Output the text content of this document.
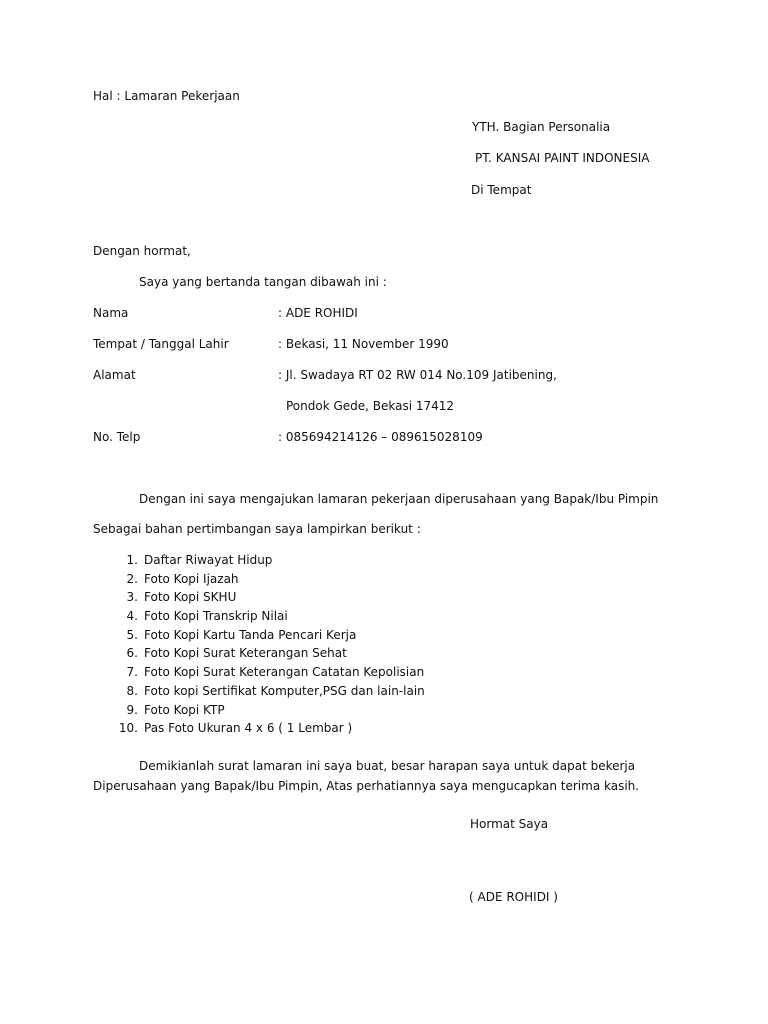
Hal : Lamaran Pekerjaan
YTH. Bagian Personalia
PT. KANSAI PAINT INDONESIA
Di Tempat
Dengan hormat,
Saya yang bertanda tangan dibawah ini :
Nama	: ADE ROHIDI
Tempat / Tanggal Lahir	: Bekasi, 11 November 1990
Alamat	: Jl. Swadaya RT 02 RW 014 No.109 Jatibening,
Pondok Gede, Bekasi 17412
No. Telp	: 085694214126 – 089615028109
Dengan ini saya mengajukan lamaran pekerjaan diperusahaan yang Bapak/Ibu Pimpin
Sebagai bahan pertimbangan saya lampirkan berikut :
1. Daftar Riwayat Hidup
2. Foto Kopi Ijazah
3. Foto Kopi SKHU
4. Foto Kopi Transkrip Nilai
5. Foto Kopi Kartu Tanda Pencari Kerja
6. Foto Kopi Surat Keterangan Sehat
7. Foto Kopi Surat Keterangan Catatan Kepolisian
8. Foto kopi Sertifikat Komputer,PSG dan lain-lain
9. Foto Kopi KTP
10. Pas Foto Ukuran 4 x 6 ( 1 Lembar )
Demikianlah surat lamaran ini saya buat, besar harapan saya untuk dapat bekerja
Diperusahaan yang Bapak/Ibu Pimpin, Atas perhatiannya saya mengucapkan terima kasih.
Hormat Saya
( ADE ROHIDI )
